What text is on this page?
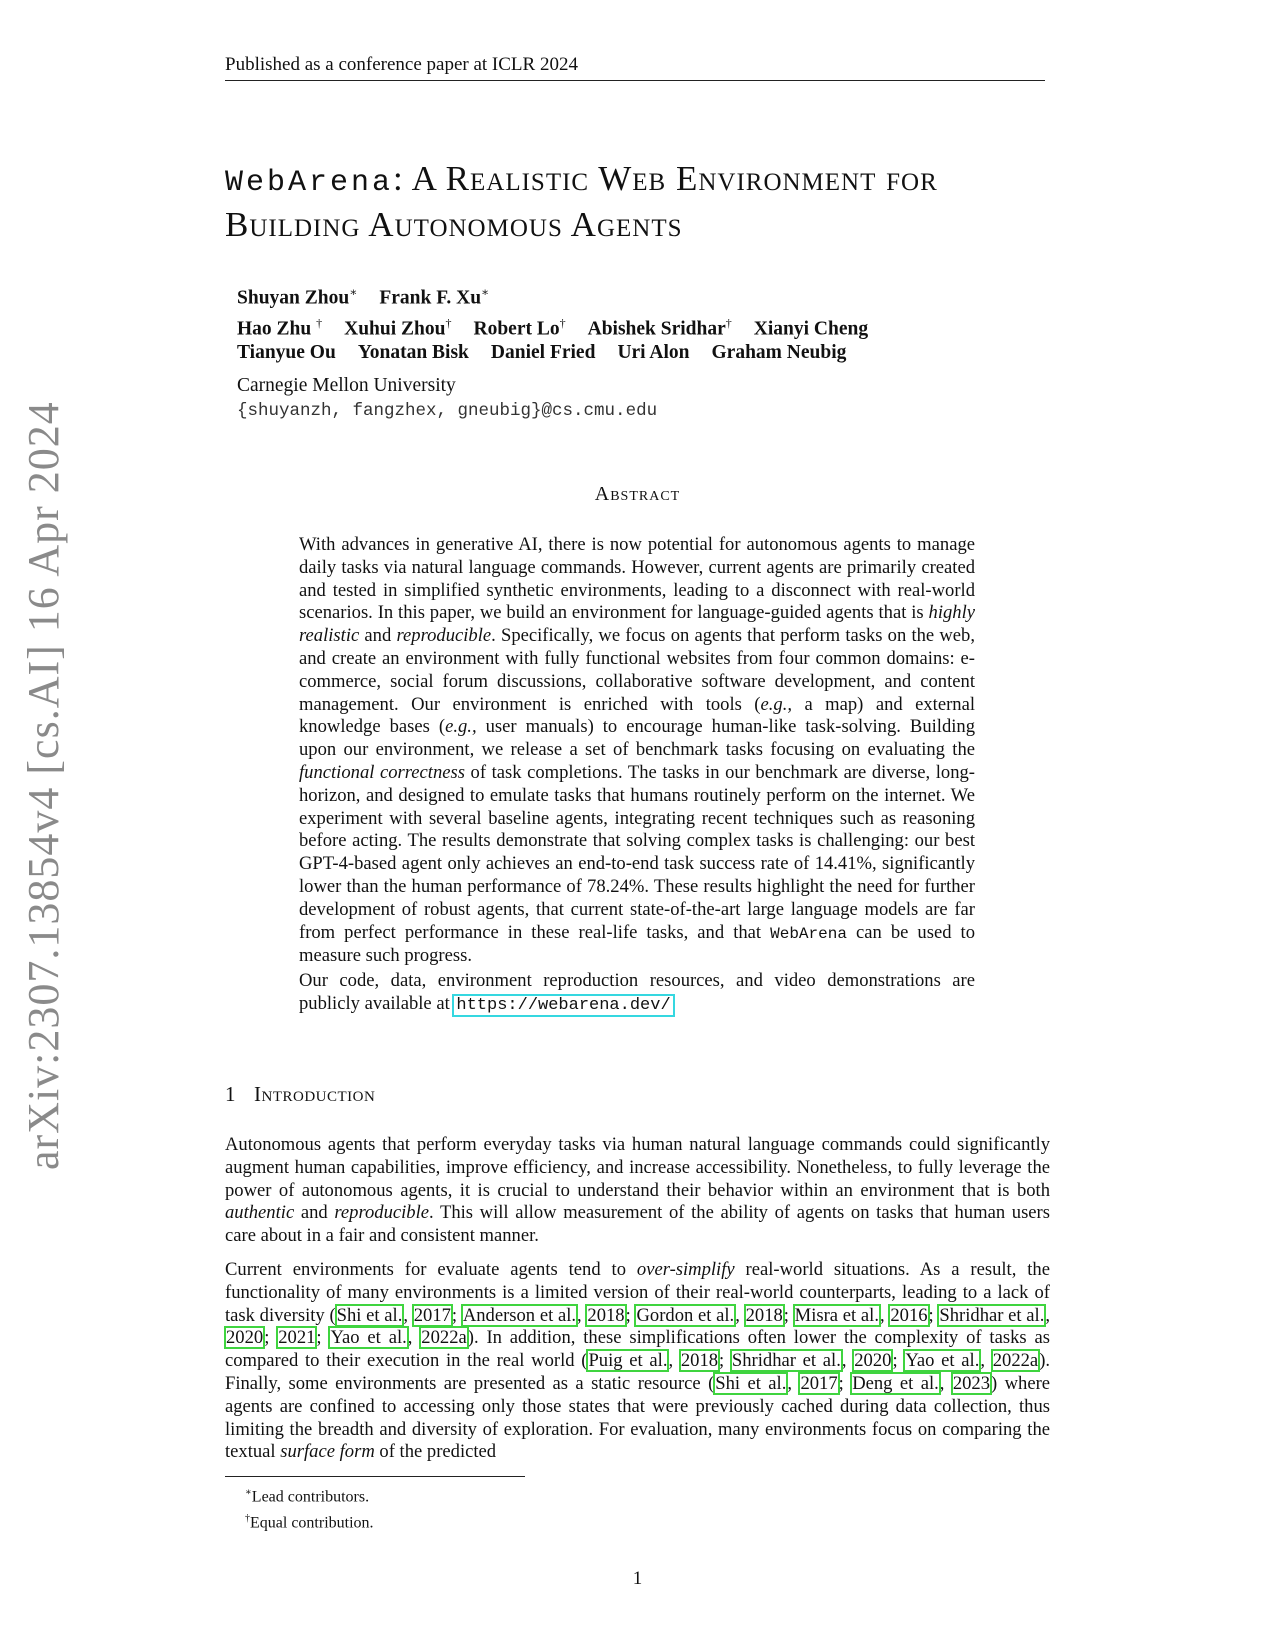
Published as a conference paper at ICLR 2024
arXiv:2307.13854v4 [cs.AI] 16 Apr 2024
WebArena: A Realistic Web Environment for
Building Autonomous Agents
Shuyan Zhou∗ Frank F. Xu∗
Hao Zhu † Xuhui Zhou† Robert Lo† Abishek Sridhar† Xianyi Cheng
Tianyue Ou Yonatan Bisk Daniel Fried Uri Alon Graham Neubig
Carnegie Mellon University
{shuyanzh, fangzhex, gneubig}@cs.cmu.edu
Abstract

With advances in generative AI, there is now potential for autonomous agents to manage daily tasks via natural language commands. However, current agents are primarily created and tested in simplified synthetic environments, leading to a disconnect with real-world scenarios. In this paper, we build an environment for language-guided agents that is highly realistic and reproducible. Specifically, we focus on agents that perform tasks on the web, and create an environment with fully functional websites from four common domains: e-commerce, social forum discussions, collaborative software development, and content management. Our environment is enriched with tools (e.g., a map) and external knowledge bases (e.g., user manuals) to encourage human-like task-solving. Building upon our environment, we release a set of benchmark tasks focusing on evaluating the functional correctness of task completions. The tasks in our benchmark are diverse, long-horizon, and designed to emulate tasks that humans routinely perform on the internet. We experiment with several baseline agents, integrating recent techniques such as reasoning before acting. The results demonstrate that solving complex tasks is challenging: our best GPT-4-based agent only achieves an end-to-end task success rate of 14.41%, significantly lower than the human performance of 78.24%. These results highlight the need for further development of robust agents, that current state-of-the-art large language models are far from perfect performance in these real-life tasks, and that WebArena can be used to measure such progress.

Our code, data, environment reproduction resources, and video demonstrations are publicly available at https://webarena.dev/

1 Introduction

Autonomous agents that perform everyday tasks via human natural language commands could significantly augment human capabilities, improve efficiency, and increase accessibility. Nonetheless, to fully leverage the power of autonomous agents, it is crucial to understand their behavior within an environment that is both authentic and reproducible. This will allow measurement of the ability of agents on tasks that human users care about in a fair and consistent manner.

Current environments for evaluate agents tend to over-simplify real-world situations. As a result, the functionality of many environments is a limited version of their real-world counterparts, leading to a lack of task diversity (Shi et al., 2017; Anderson et al., 2018; Gordon et al., 2018; Misra et al., 2016; Shridhar et al., 2020; 2021; Yao et al., 2022a). In addition, these simplifications often lower the complexity of tasks as compared to their execution in the real world (Puig et al., 2018; Shridhar et al., 2020; Yao et al., 2022a). Finally, some environments are presented as a static resource (Shi et al., 2017; Deng et al., 2023) where agents are confined to accessing only those states that were previously cached during data collection, thus limiting the breadth and diversity of exploration. For evaluation, many environments focus on comparing the textual surface form of the predicted

∗Lead contributors.
†Equal contribution.
1
